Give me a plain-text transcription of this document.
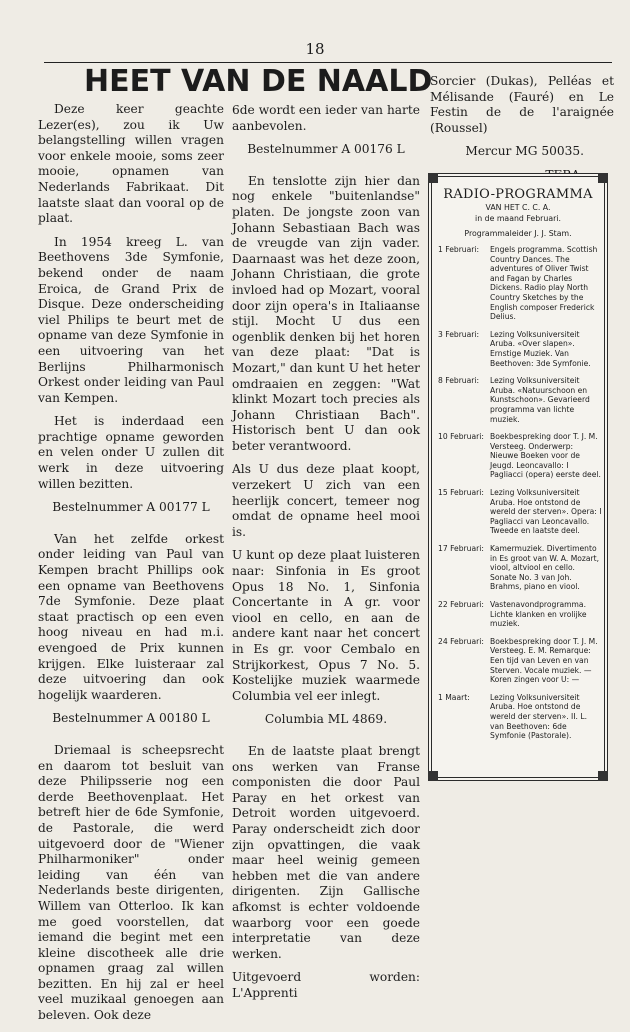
18
HEET VAN DE NAALD

Deze keer geachte Lezer(es), zou ik Uw belangstelling willen vragen voor enkele mooie, soms zeer mooie, opnamen van Nederlands Fabrikaat. Dit laatste slaat dan vooral op de plaat.

In 1954 kreeg L. van Beethovens 3de Symfonie, bekend onder de naam Eroica, de Grand Prix de Disque. Deze onderscheiding viel Philips te beurt met de opname van deze Symfonie in een uitvoering van het Berlijns Philharmonisch Orkest onder leiding van Paul van Kempen.

Het is inderdaad een prachtige opname geworden en velen onder U zullen dit werk in deze uitvoering willen bezitten.

Bestelnummer A 00177 L

Van het zelfde orkest onder leiding van Paul van Kempen bracht Phillips ook een opname van Beethovens 7de Symfonie. Deze plaat staat practisch op een even hoog niveau en had m.i. evengoed de Prix kunnen krijgen. Elke luisteraar zal deze uitvoering dan ook hogelijk waarderen.

Bestelnummer A 00180 L

Driemaal is scheepsrecht en daarom tot besluit van deze Philipsserie nog een derde Beethovenplaat. Het betreft hier de 6de Symfonie, de Pastorale, die werd uitgevoerd door de "Wiener Philharmoniker" onder leiding van één van Nederlands beste dirigenten, Willem van Otterloo. Ik kan me goed voorstellen, dat iemand die begint met een kleine discotheek alle drie opnamen graag zal willen bezitten. En hij zal er heel veel muzikaal genoegen aan beleven. Ook deze

6de wordt een ieder van harte aanbevolen.

Bestelnummer A 00176 L

En tenslotte zijn hier dan nog enkele "buitenlandse" platen. De jongste zoon van Johann Sebastiaan Bach was de vreugde van zijn vader. Daarnaast was het deze zoon, Johann Christiaan, die grote invloed had op Mozart, vooral door zijn opera's in Italiaanse stijl. Mocht U dus een ogenblik denken bij het horen van deze plaat: "Dat is Mozart," dan kunt U het heter omdraaien en zeggen: "Wat klinkt Mozart toch precies als Johann Christiaan Bach". Historisch bent U dan ook beter verantwoord.

Als U dus deze plaat koopt, verzekert U zich van een heerlijk concert, temeer nog omdat de opname heel mooi is.

U kunt op deze plaat luisteren naar: Sinfonia in Es groot Opus 18 No. 1, Sinfonia Concertante in A gr. voor viool en cello, en aan de andere kant naar het concert in Es gr. voor Cembalo en Strijkorkest, Opus 7 No. 5. Kostelijke muziek waarmede Columbia vel eer inlegt.

Columbia ML 4869.

En de laatste plaat brengt ons werken van Franse componisten die door Paul Paray en het orkest van Detroit worden uitgevoerd. Paray onderscheidt zich door zijn opvattingen, die vaak maar heel weinig gemeen hebben met die van andere dirigenten. Zijn Gallische afkomst is echter voldoende waarborg voor een goede interpretatie van deze werken.

Uitgevoerd worden: L'Apprenti

Sorcier (Dukas), Pelléas et Mélisande (Fauré) en Le Festin de de l'araignée (Roussel)

Mercur MG 50035.

RADIO-PROGRAMMA
VAN HET C. C. A.
in de maand Februari.
Programmaleider J. J. Stam.
1 Februari:	Engels programma. Scottish Country Dances. The adventures of Oliver Twist and Fagan by Charles Dickens. Radio play North Country Sketches by the English composer Frederick Delius.
3 Februari:	Lezing Volksuniversiteit Aruba. «Over slapen». Ernstige Muziek. Van Beethoven: 3de Symfonie.
8 Februari:	Lezing Volksuniversiteit Aruba. «Natuurschoon en Kunstschoon». Gevarieerd programma van lichte muziek.
10 Februari: Boekbespreking door T. J. M. Versteeg. Onderwerp: Nieuwe Boeken voor de Jeugd. Leoncavallo: I Pagliacci (opera) eerste deel.
15 Februari: Lezing Volksuniversiteit Aruba. Hoe ontstond de wereld der sterven». Opera: I Pagliacci van Leoncavallo. Tweede en laatste deel.
17 Februari: Kamermuziek. Divertimento in Es groot van W. A. Mozart, viool, altviool en cello. Sonate No. 3 van Joh. Brahms, piano en viool.
22 Februari: Vastenavondprogramma. Lichte klanken en vrolijke muziek.
24 Februari: Boekbespreking door T. J. M. Versteeg. E. M. Remarque: Een tijd van Leven en van Sterven. Vocale muziek. — Koren zingen voor U: —
1 Maart:	Lezing Volksuniversiteit Aruba. Hoe ontstond de wereld der sterven». II. L. van Beethoven: 6de Symfonie (Pastorale).
